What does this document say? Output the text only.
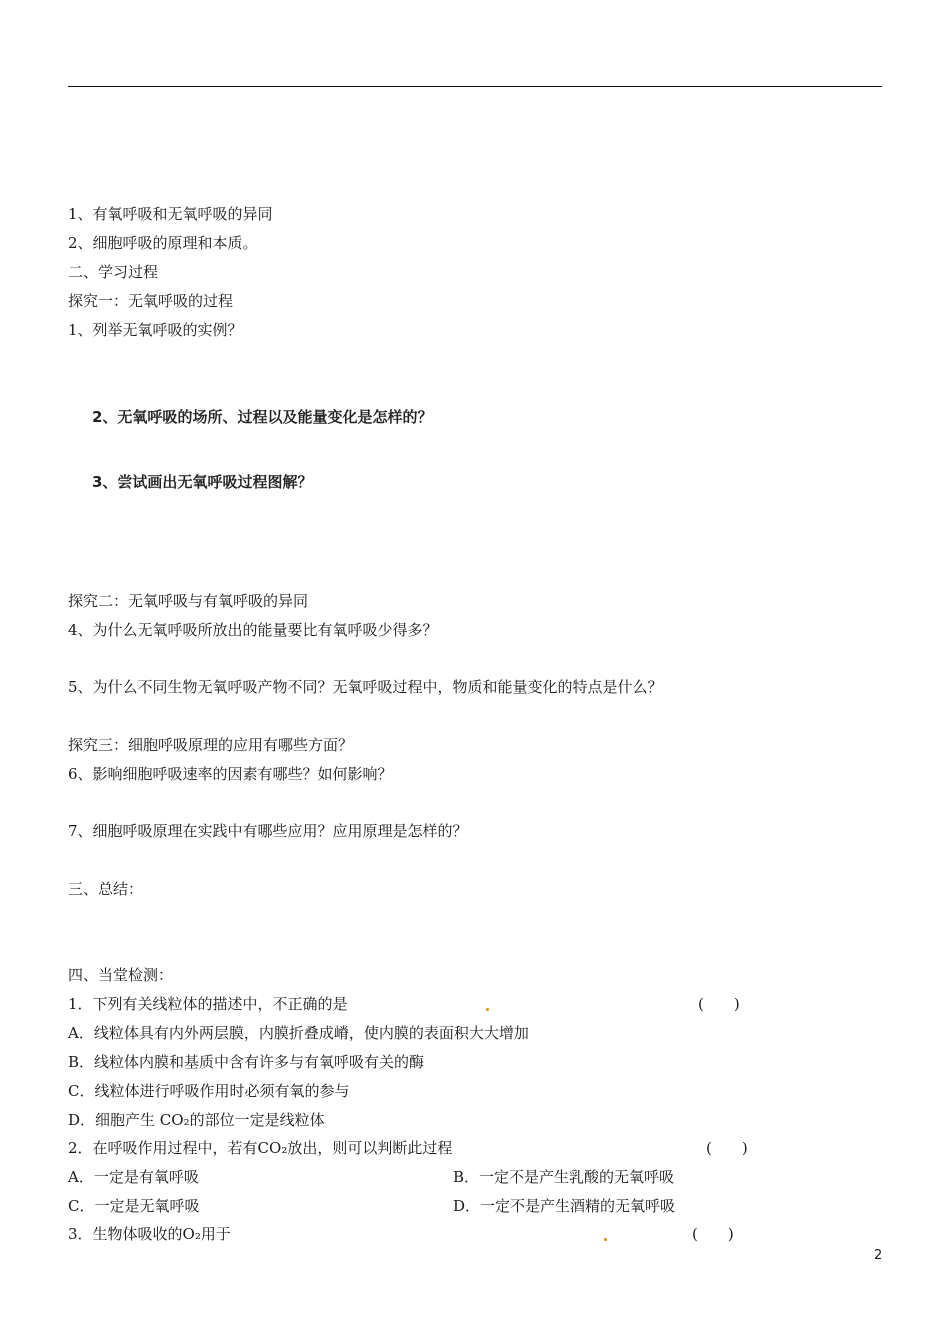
1、有氧呼吸和无氧呼吸的异同
2、细胞呼吸的原理和本质。
二、学习过程
探究一：无氧呼吸的过程
1、列举无氧呼吸的实例？
2、无氧呼吸的场所、过程以及能量变化是怎样的？
3、尝试画出无氧呼吸过程图解？
探究二：无氧呼吸与有氧呼吸的异同
4、为什么无氧呼吸所放出的能量要比有氧呼吸少得多？
5、为什么不同生物无氧呼吸产物不同？无氧呼吸过程中，物质和能量变化的特点是什么？
探究三：细胞呼吸原理的应用有哪些方面？
6、影响细胞呼吸速率的因素有哪些？如何影响？
7、细胞呼吸原理在实践中有哪些应用？应用原理是怎样的？
三、总结：
四、当堂检测：
1．下列有关线粒体的描述中，不正确的是	(　　)
A．线粒体具有内外两层膜，内膜折叠成嵴，使内膜的表面积大大增加
B．线粒体内膜和基质中含有许多与有氧呼吸有关的酶
C．线粒体进行呼吸作用时必须有氧的参与
D．细胞产生 CO₂的部位一定是线粒体
2．在呼吸作用过程中，若有CO₂放出，则可以判断此过程	(　　)
A．一定是有氧呼吸	B．一定不是产生乳酸的无氧呼吸
C．一定是无氧呼吸	D．一定不是产生酒精的无氧呼吸
3．生物体吸收的O₂用于	(　　)
2
